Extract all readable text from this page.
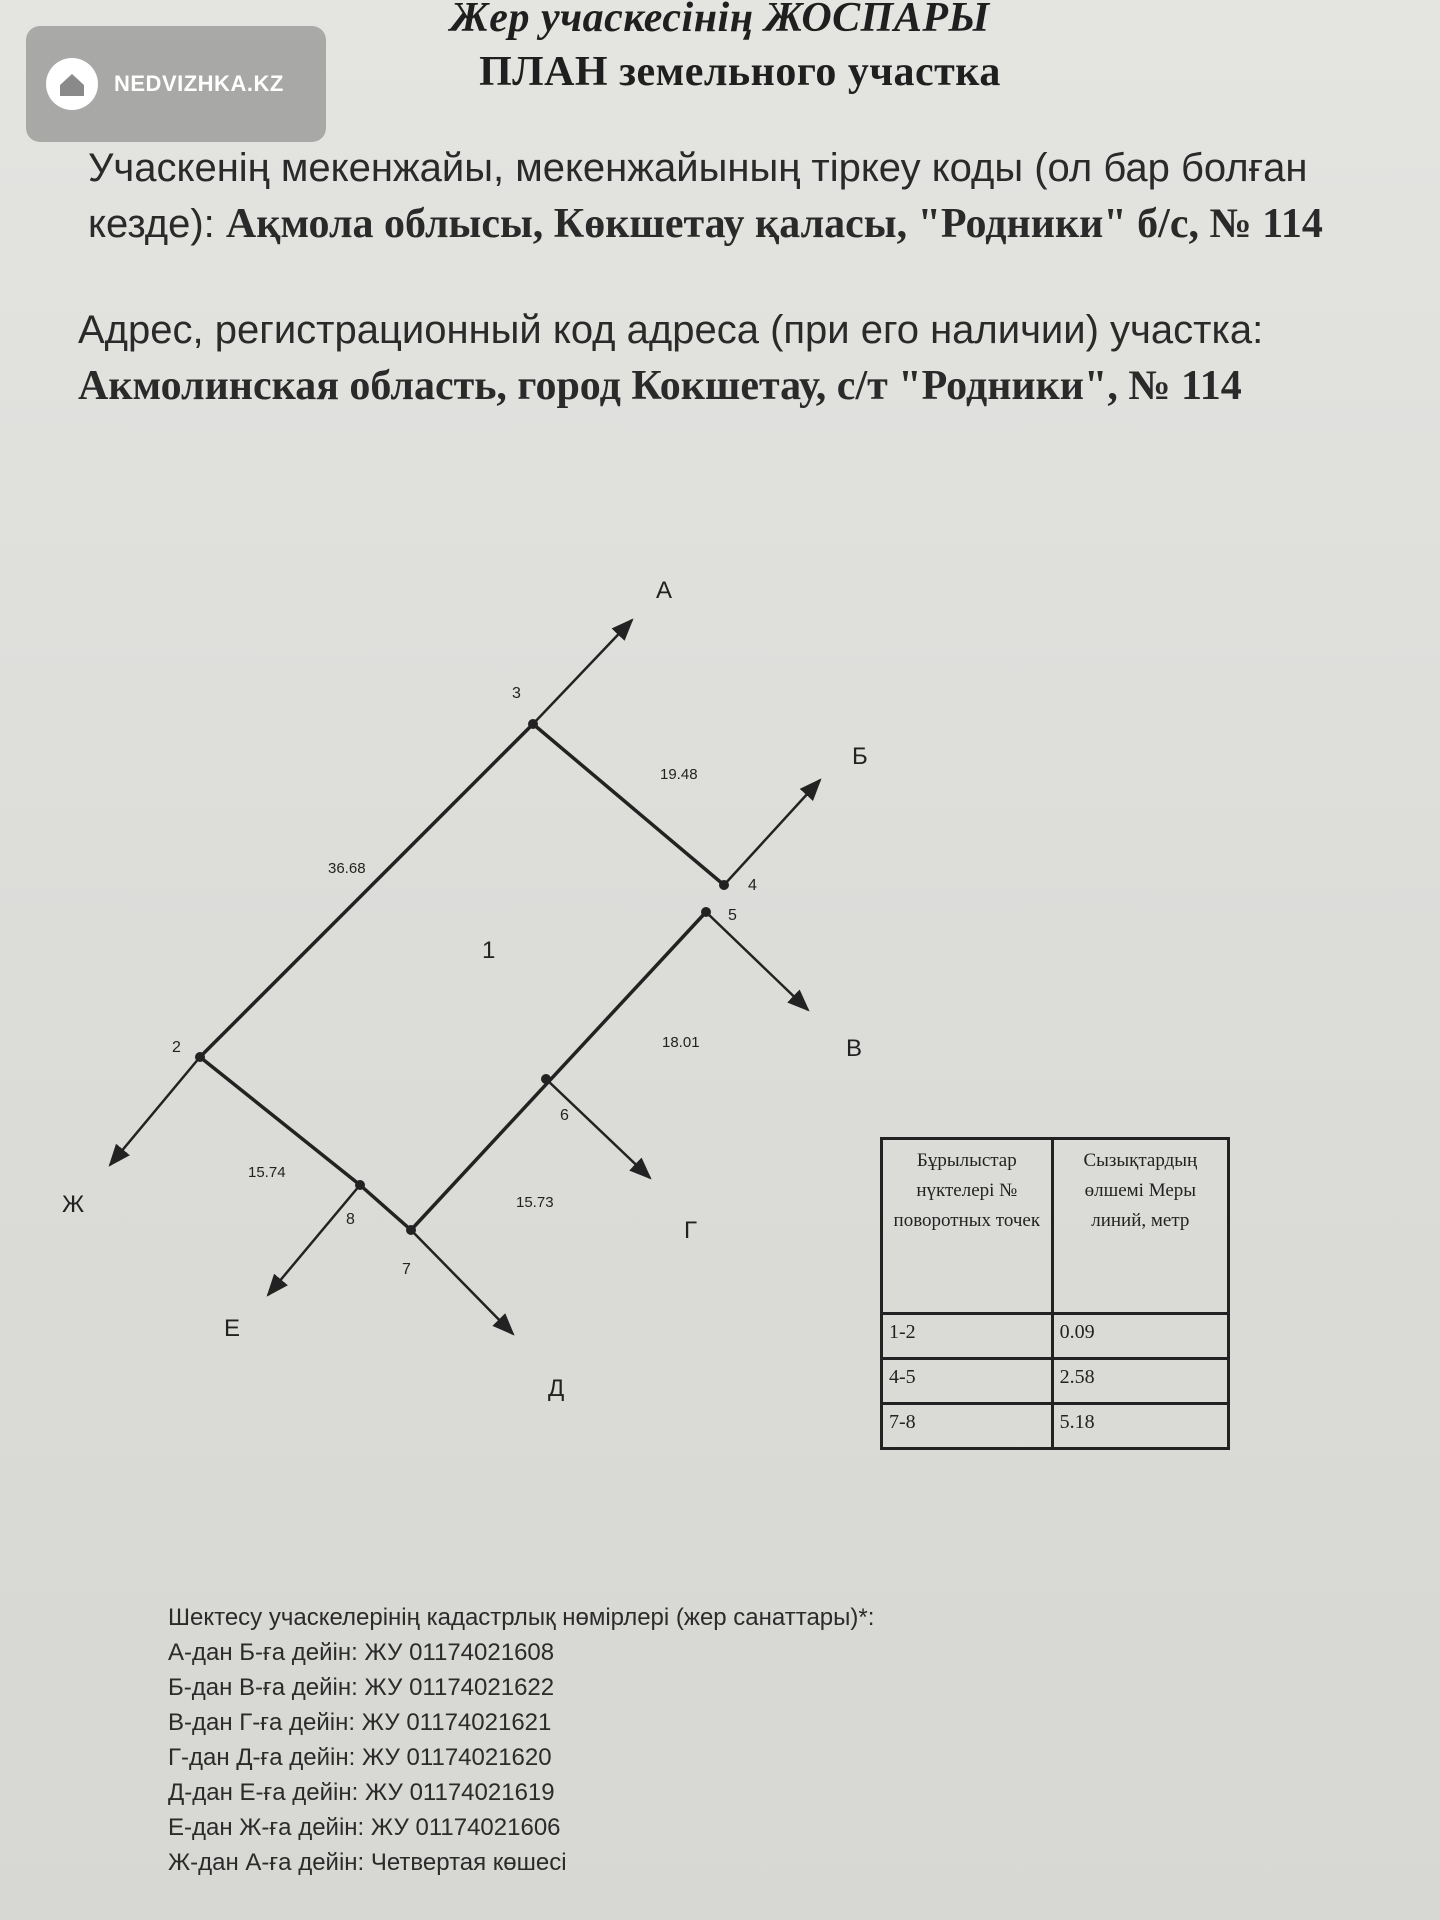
NEDVIZHKA.KZ
Жер учаскесінің ЖОСПАРЫ
ПЛАН земельного участка
Учаскенің мекенжайы, мекенжайының тіркеу коды (ол бар болған кезде): Ақмола облысы, Көкшетау қаласы, "Родники" б/с, № 114
Адрес, регистрационный код адреса (при его наличии) участка: Акмолинская область, город Кокшетау, с/т "Родники", № 114
1
2
3
4
5
6
7
8
36.68
19.48
18.01
15.73
15.74
А
Б
В
Г
Д
Е
Ж
Бұрылыстар нүктелері № поворотных точек	Сызықтардың өлшемі Меры линий, метр
1-2	0.09
4-5	2.58
7-8	5.18
Шектесу учаскелерінің кадастрлық нөмірлері (жер санаттары)*:
А-дан Б-ға дейін: ЖУ 01174021608
Б-дан В-ға дейін: ЖУ 01174021622
В-дан Г-ға дейін: ЖУ 01174021621
Г-дан Д-ға дейін: ЖУ 01174021620
Д-дан Е-ға дейін: ЖУ 01174021619
Е-дан Ж-ға дейін: ЖУ 01174021606
Ж-дан А-ға дейін: Четвертая көшесі
